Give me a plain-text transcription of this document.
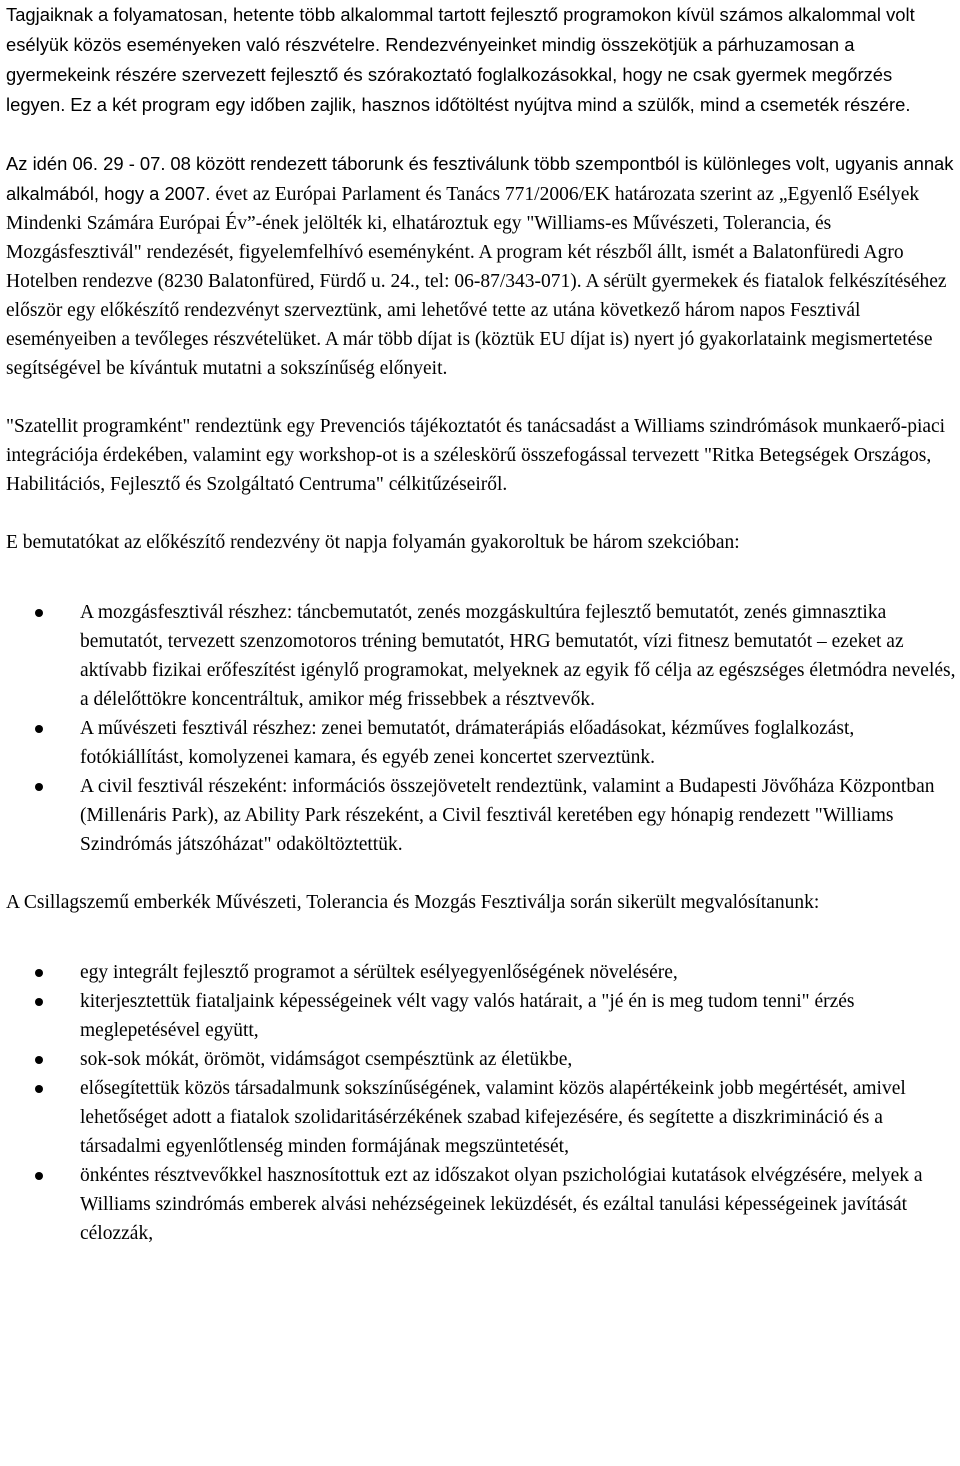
Tagjaiknak a folyamatosan, hetente több alkalommal tartott fejlesztő programokon kívül számos alkalommal volt esélyük közös eseményeken való részvételre. Rendezvényeinket mindig összekötjük a párhuzamosan a gyermekeink részére szervezett fejlesztő és szórakoztató foglalkozásokkal, hogy ne csak gyermek megőrzés legyen. Ez a két program egy időben zajlik, hasznos időtöltést nyújtva mind a szülők, mind a csemeték részére.

Az idén 06. 29 - 07. 08 között rendezett táborunk és fesztiválunk több szempontból is különleges volt, ugyanis annak alkalmából, hogy a 2007. évet az Európai Parlament és Tanács 771/2006/EK határozata szerint az „Egyenlő Esélyek Mindenki Számára Európai Év”-ének jelölték ki, elhatároztuk egy "Williams-es Művészeti, Tolerancia, és Mozgásfesztivál" rendezését, figyelemfelhívó eseményként. A program két részből állt, ismét a Balatonfüredi Agro Hotelben rendezve (8230 Balatonfüred, Fürdő u. 24., tel: 06-87/343-071). A sérült gyermekek és fiatalok felkészítéséhez először egy előkészítő rendezvényt szerveztünk, ami lehetővé tette az utána következő három napos Fesztivál eseményeiben a tevőleges részvételüket. A már több díjat is (köztük EU díjat is) nyert jó gyakorlataink megismertetése segítségével be kívántuk mutatni a sokszínűség előnyeit.

"Szatellit programként" rendeztünk egy Prevenciós tájékoztatót és tanácsadást a Williams szindrómások munkaerő-piaci integrációja érdekében, valamint egy workshop-ot is a széleskörű összefogással tervezett "Ritka Betegségek Országos, Habilitációs, Fejlesztő és Szolgáltató Centruma" célkitűzéseiről.

E bemutatókat az előkészítő rendezvény öt napja folyamán gyakoroltuk be három szekcióban:

A mozgásfesztivál részhez: táncbemutatót, zenés mozgáskultúra fejlesztő bemutatót, zenés gimnasztika bemutatót, tervezett szenzomotoros tréning bemutatót, HRG bemutatót, vízi fitnesz bemutatót – ezeket az aktívabb fizikai erőfeszítést igénylő programokat, melyeknek az egyik fő célja az egészséges életmódra nevelés, a délelőttökre koncentráltuk, amikor még frissebbek a résztvevők.
A művészeti fesztivál részhez: zenei bemutatót, drámaterápiás előadásokat, kézműves foglalkozást, fotókiállítást, komolyzenei kamara, és egyéb zenei koncertet szerveztünk.
A civil fesztivál részeként: információs összejövetelt rendeztünk, valamint a Budapesti Jövőháza Központban (Millenáris Park), az Ability Park részeként, a Civil fesztivál keretében egy hónapig rendezett "Williams Szindrómás játszóházat" odaköltöztettük.

A Csillagszemű emberkék Művészeti, Tolerancia és Mozgás Fesztiválja során sikerült megvalósítanunk:

egy integrált fejlesztő programot a sérültek esélyegyenlőségének növelésére,
kiterjesztettük fiataljaink képességeinek vélt vagy valós határait, a "jé én is meg tudom tenni" érzés meglepetésével együtt,
sok-sok mókát, örömöt, vidámságot csempésztünk az életükbe,
elősegítettük közös társadalmunk sokszínűségének, valamint közös alapértékeink jobb megértését, amivel lehetőséget adott a fiatalok szolidaritásérzékének szabad kifejezésére, és segítette a diszkrimináció és a társadalmi egyenlőtlenség minden formájának megszüntetését,
önkéntes résztvevőkkel hasznosítottuk ezt az időszakot olyan pszichológiai kutatások elvégzésére, melyek a Williams szindrómás emberek alvási nehézségeinek leküzdését, és ezáltal tanulási képességeinek javítását célozzák,
